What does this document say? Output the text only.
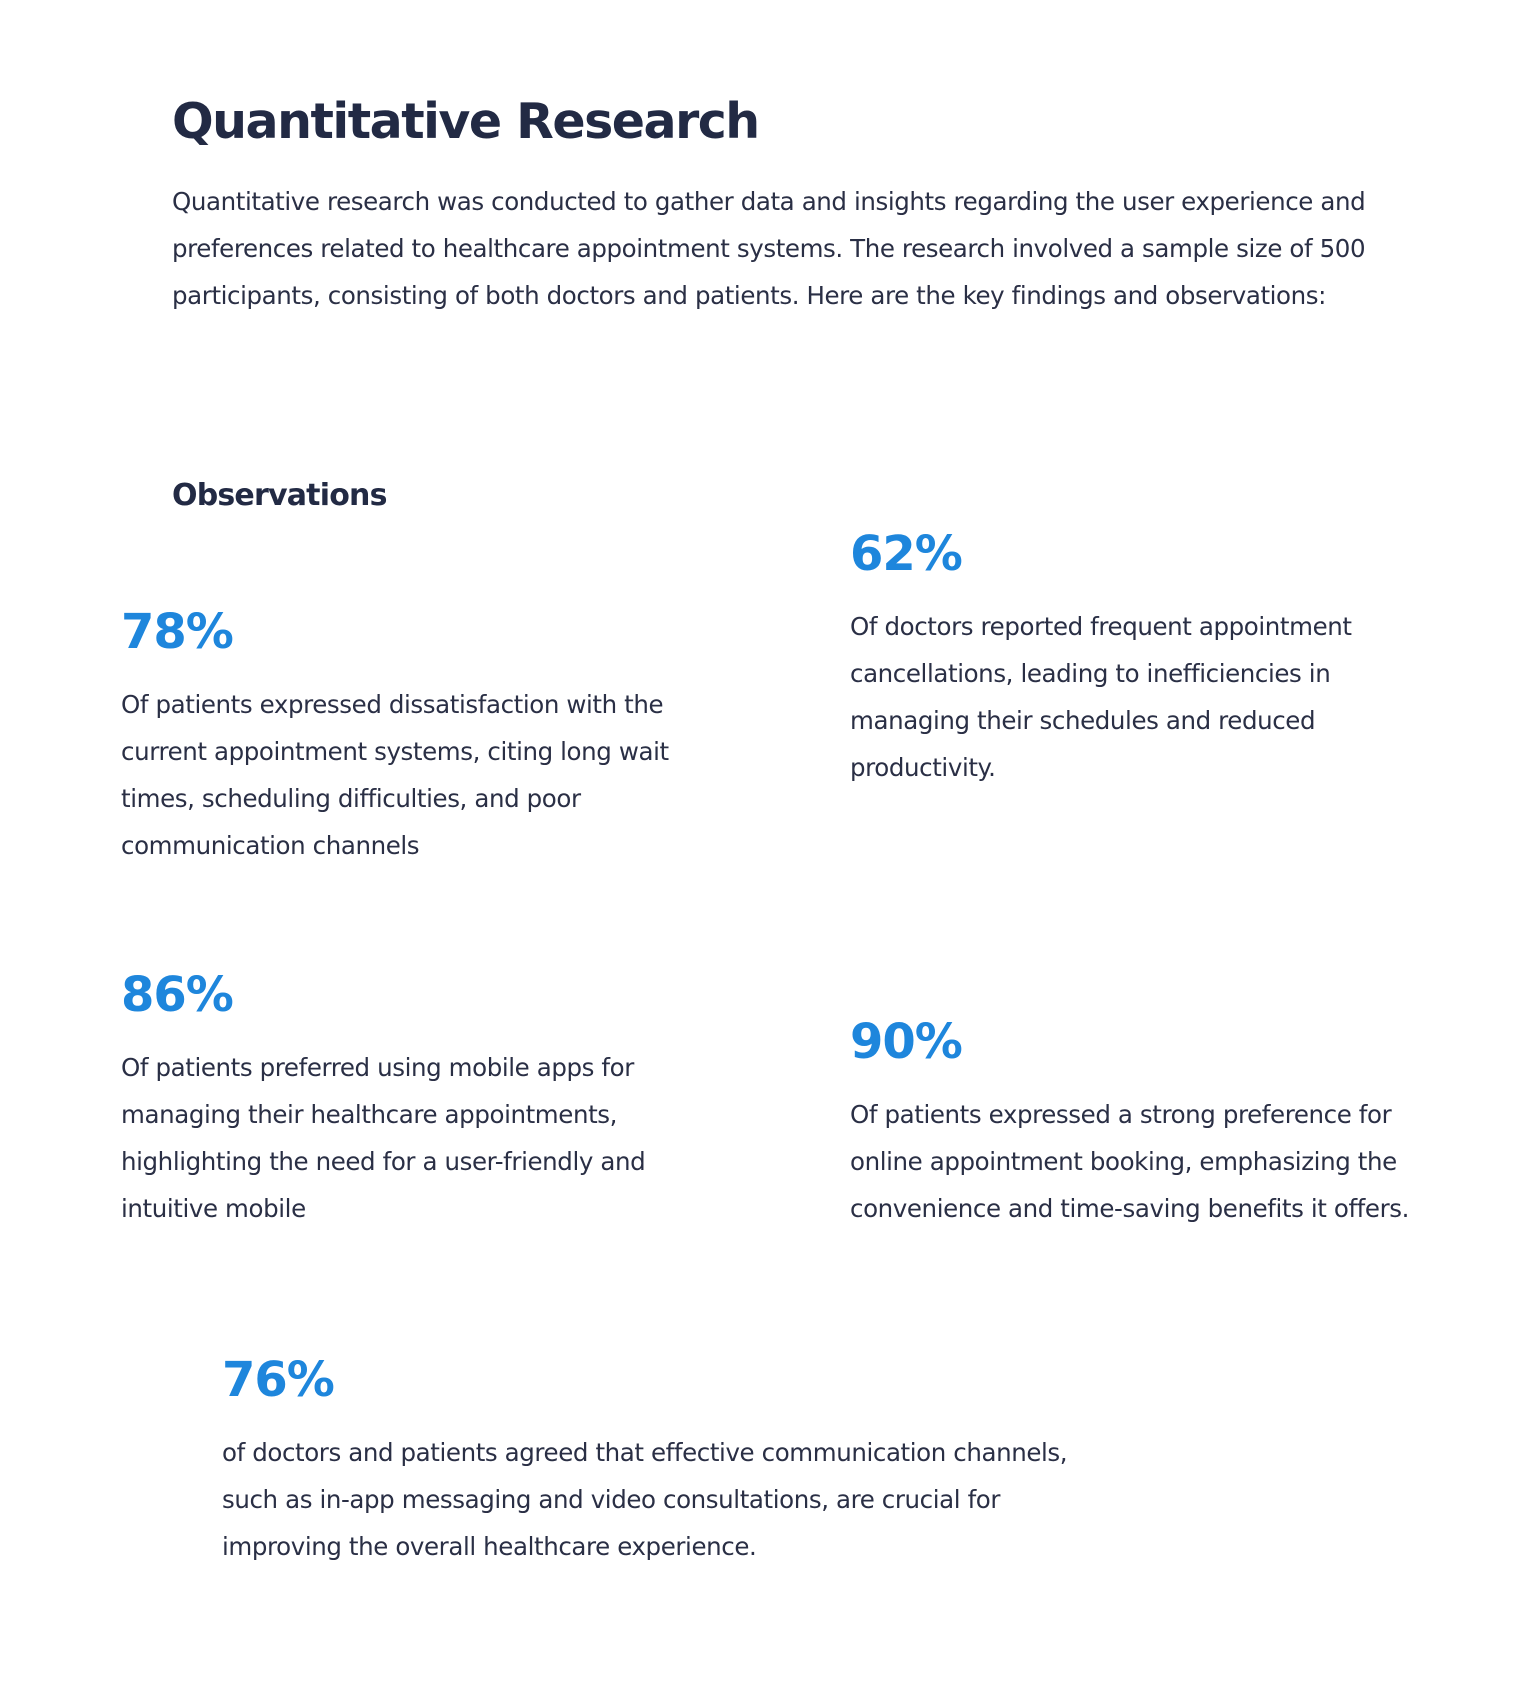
Quantitative Research

Quantitative research was conducted to gather data and insights regarding the user experience and preferences related to healthcare appointment systems. The research involved a sample size of 500 participants, consisting of both doctors and patients. Here are the key findings and observations:

Observations

78%

Of patients expressed dissatisfaction with the current appointment systems, citing long wait times, scheduling difficulties, and poor communication channels

62%

Of doctors reported frequent appointment cancellations, leading to inefficiencies in managing their schedules and reduced productivity.

86%

Of patients preferred using mobile apps for managing their healthcare appointments, highlighting the need for a user-friendly and intuitive mobile

90%

Of patients expressed a strong preference for online appointment booking, emphasizing the convenience and time-saving benefits it offers.

76%

of doctors and patients agreed that effective communication channels, such as in-app messaging and video consultations, are crucial for improving the overall healthcare experience.
